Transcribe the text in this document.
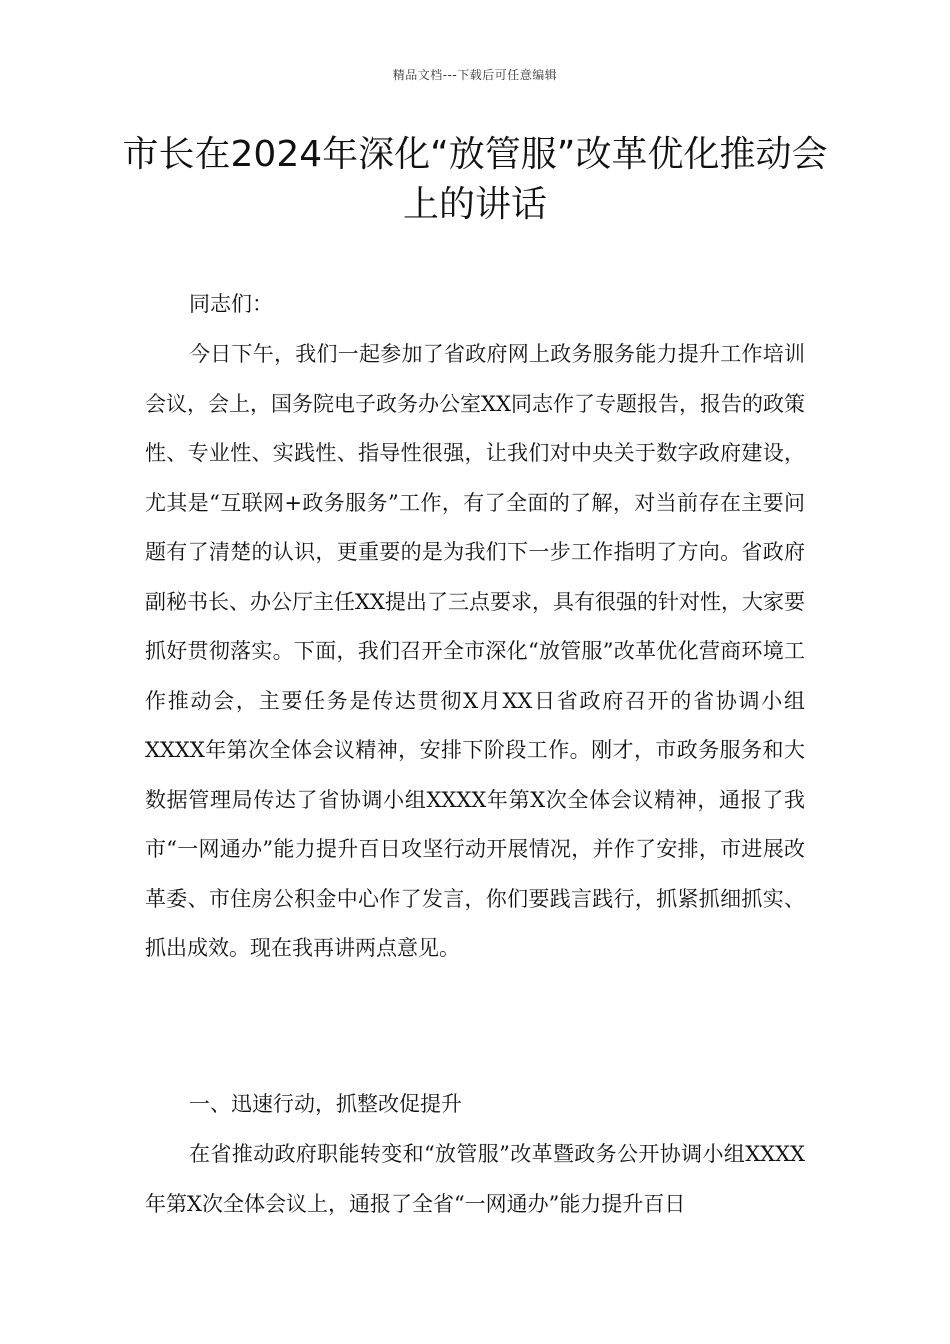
精品文档---下载后可任意编辑
市长在2024年深化“放管服”改革优化推动会上的讲话

同志们：

今日下午，我们一起参加了省政府网上政务服务能力提升工作培训会议，会上，国务院电子政务办公室XX同志作了专题报告，报告的政策性、专业性、实践性、指导性很强，让我们对中央关于数字政府建设，尤其是“互联网+政务服务”工作，有了全面的了解，对当前存在主要问题有了清楚的认识，更重要的是为我们下一步工作指明了方向。省政府副秘书长、办公厅主任XX提出了三点要求，具有很强的针对性，大家要抓好贯彻落实。下面，我们召开全市深化“放管服”改革优化营商环境工作推动会，主要任务是传达贯彻X月XX日省政府召开的省协调小组XXXX年第次全体会议精神，安排下阶段工作。刚才，市政务服务和大数据管理局传达了省协调小组XXXX年第X次全体会议精神，通报了我市“一网通办”能力提升百日攻坚行动开展情况，并作了安排，市进展改革委、市住房公积金中心作了发言，你们要践言践行，抓紧抓细抓实、抓出成效。现在我再讲两点意见。

一、迅速行动，抓整改促提升

在省推动政府职能转变和“放管服”改革暨政务公开协调小组XXXX年第X次全体会议上，通报了全省“一网通办”能力提升百日
